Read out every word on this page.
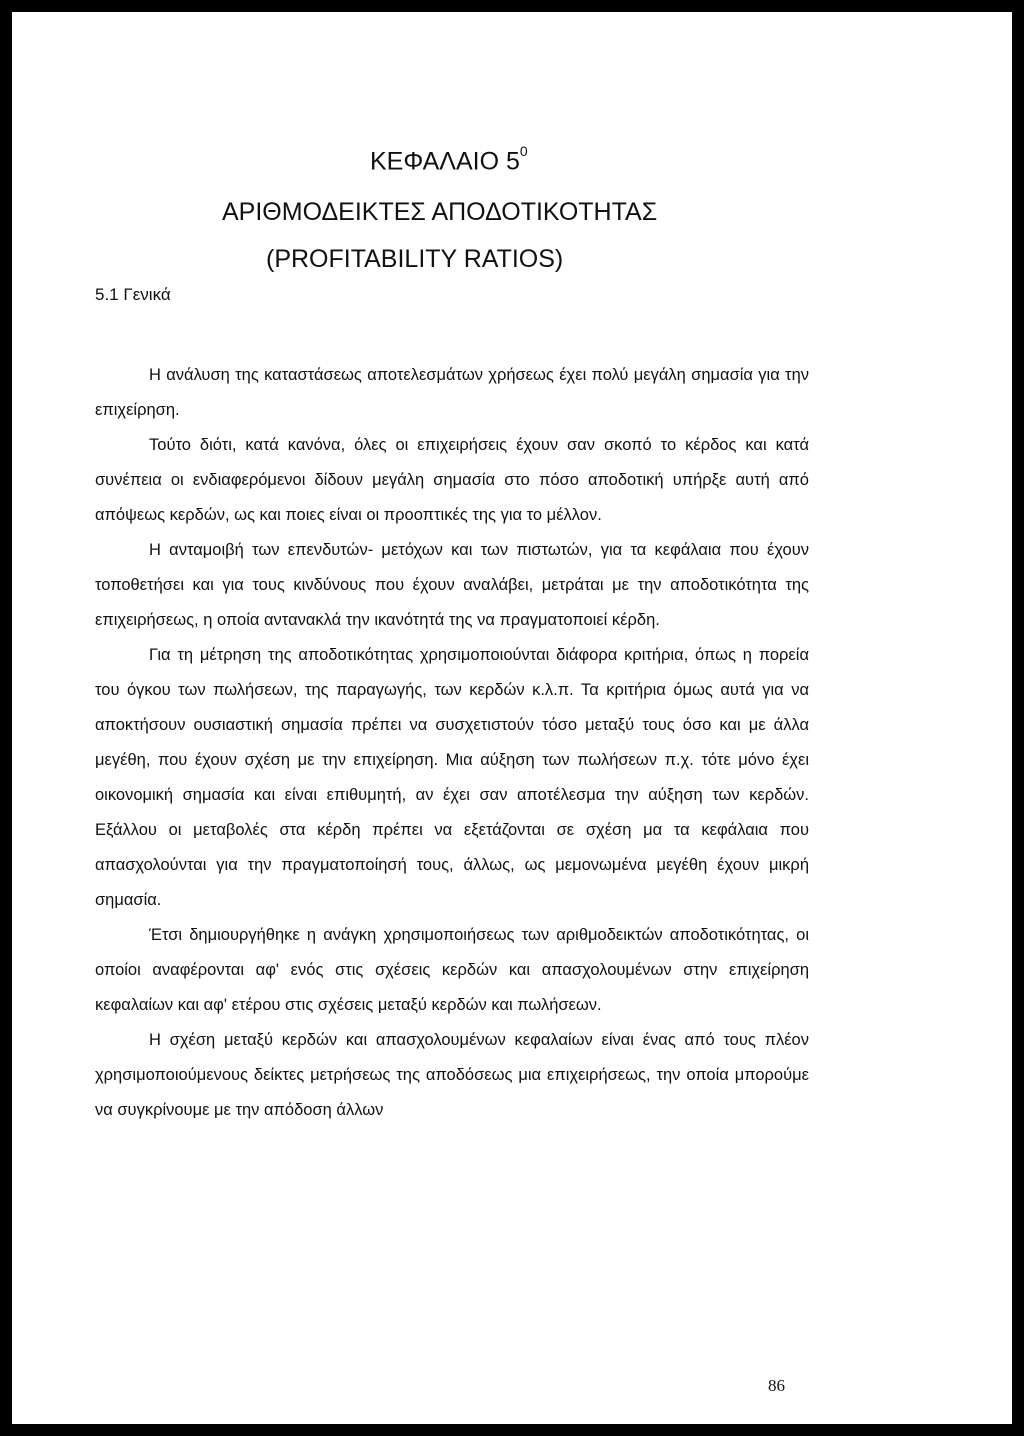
ΚΕΦΑΛΑΙΟ $5^0$
ΑΡΙΘΜΟΔΕΙΚΤΕΣ ΑΠΟΔΟΤΙΚΟΤΗΤΑΣ
(PROFITABILITY RATIOS)
5.1 Γενικά

Η ανάλυση της καταστάσεως αποτελεσμάτων χρήσεως έχει πολύ μεγάλη σημασία για την επιχείρηση.

Τούτο διότι, κατά κανόνα, όλες οι επιχειρήσεις έχουν σαν σκοπό το κέρδος και κατά συνέπεια οι ενδιαφερόμενοι δίδουν μεγάλη σημασία στο πόσο αποδοτική υπήρξε αυτή από απόψεως κερδών, ως και ποιες είναι οι προοπτικές της για το μέλλον.

Η ανταμοιβή των επενδυτών- μετόχων και των πιστωτών, για τα κεφάλαια που έχουν τοποθετήσει και για τους κινδύνους που έχουν αναλάβει, μετράται με την αποδοτικότητα της επιχειρήσεως, η οποία αντανακλά την ικανότητά της να πραγματοποιεί κέρδη.

Για τη μέτρηση της αποδοτικότητας χρησιμοποιούνται διάφορα κριτήρια, όπως η πορεία του όγκου των πωλήσεων, της παραγωγής, των κερδών κ.λ.π. Τα κριτήρια όμως αυτά για να αποκτήσουν ουσιαστική σημασία πρέπει να συσχετιστούν τόσο μεταξύ τους όσο και με άλλα μεγέθη, που έχουν σχέση με την επιχείρηση. Μια αύξηση των πωλήσεων π.χ. τότε μόνο έχει οικονομική σημασία και είναι επιθυμητή, αν έχει σαν αποτέλεσμα την αύξηση των κερδών. Εξάλλου οι μεταβολές στα κέρδη πρέπει να εξετάζονται σε σχέση μα τα κεφάλαια που απασχολούνται για την πραγματοποίησή τους, άλλως, ως μεμονωμένα μεγέθη έχουν μικρή σημασία.

Έτσι δημιουργήθηκε η ανάγκη χρησιμοποιήσεως των αριθμοδεικτών αποδοτικότητας, οι οποίοι αναφέρονται αφ' ενός στις σχέσεις κερδών και απασχολουμένων στην επιχείρηση κεφαλαίων και αφ' ετέρου στις σχέσεις μεταξύ κερδών και πωλήσεων.

Η σχέση μεταξύ κερδών και απασχολουμένων κεφαλαίων είναι ένας από τους πλέον χρησιμοποιούμενους δείκτες μετρήσεως της αποδόσεως μια επιχειρήσεως, την οποία μπορούμε να συγκρίνουμε με την απόδοση άλλων

86
